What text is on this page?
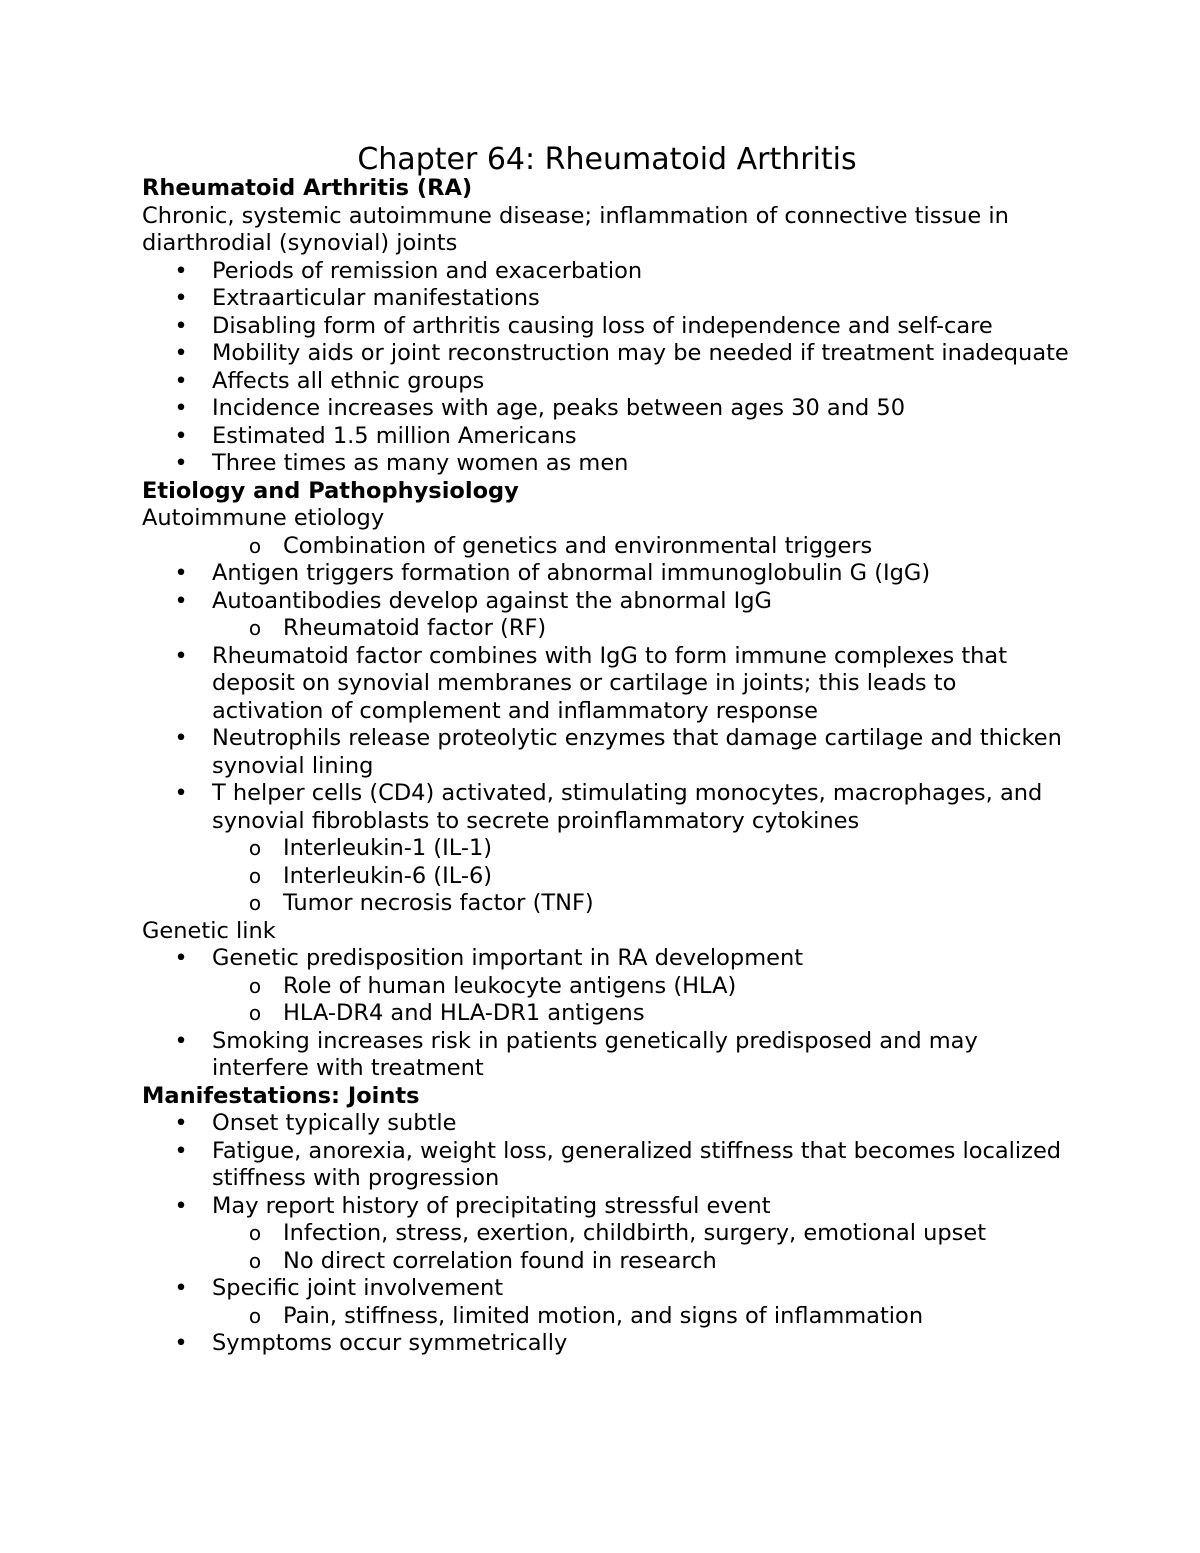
Chapter 64: Rheumatoid Arthritis
Rheumatoid Arthritis (RA)
Chronic, systemic autoimmune disease; inflammation of connective tissue in diarthrodial (synovial) joints
• Periods of remission and exacerbation
• Extraarticular manifestations
• Disabling form of arthritis causing loss of independence and self-care
• Mobility aids or joint reconstruction may be needed if treatment inadequate
• Affects all ethnic groups
• Incidence increases with age, peaks between ages 30 and 50
• Estimated 1.5 million Americans
• Three times as many women as men
Etiology and Pathophysiology
Autoimmune etiology
o Combination of genetics and environmental triggers
• Antigen triggers formation of abnormal immunoglobulin G (IgG)
• Autoantibodies develop against the abnormal IgG
o Rheumatoid factor (RF)
• Rheumatoid factor combines with IgG to form immune complexes that deposit on synovial membranes or cartilage in joints; this leads to activation of complement and inflammatory response
• Neutrophils release proteolytic enzymes that damage cartilage and thicken synovial lining
• T helper cells (CD4) activated, stimulating monocytes, macrophages, and synovial fibroblasts to secrete proinflammatory cytokines
o Interleukin-1 (IL-1)
o Interleukin-6 (IL-6)
o Tumor necrosis factor (TNF)
Genetic link
• Genetic predisposition important in RA development
o Role of human leukocyte antigens (HLA)
o HLA-DR4 and HLA-DR1 antigens
• Smoking increases risk in patients genetically predisposed and may interfere with treatment
Manifestations: Joints
• Onset typically subtle
• Fatigue, anorexia, weight loss, generalized stiffness that becomes localized stiffness with progression
• May report history of precipitating stressful event
o Infection, stress, exertion, childbirth, surgery, emotional upset
o No direct correlation found in research
• Specific joint involvement
o Pain, stiffness, limited motion, and signs of inflammation
• Symptoms occur symmetrically
